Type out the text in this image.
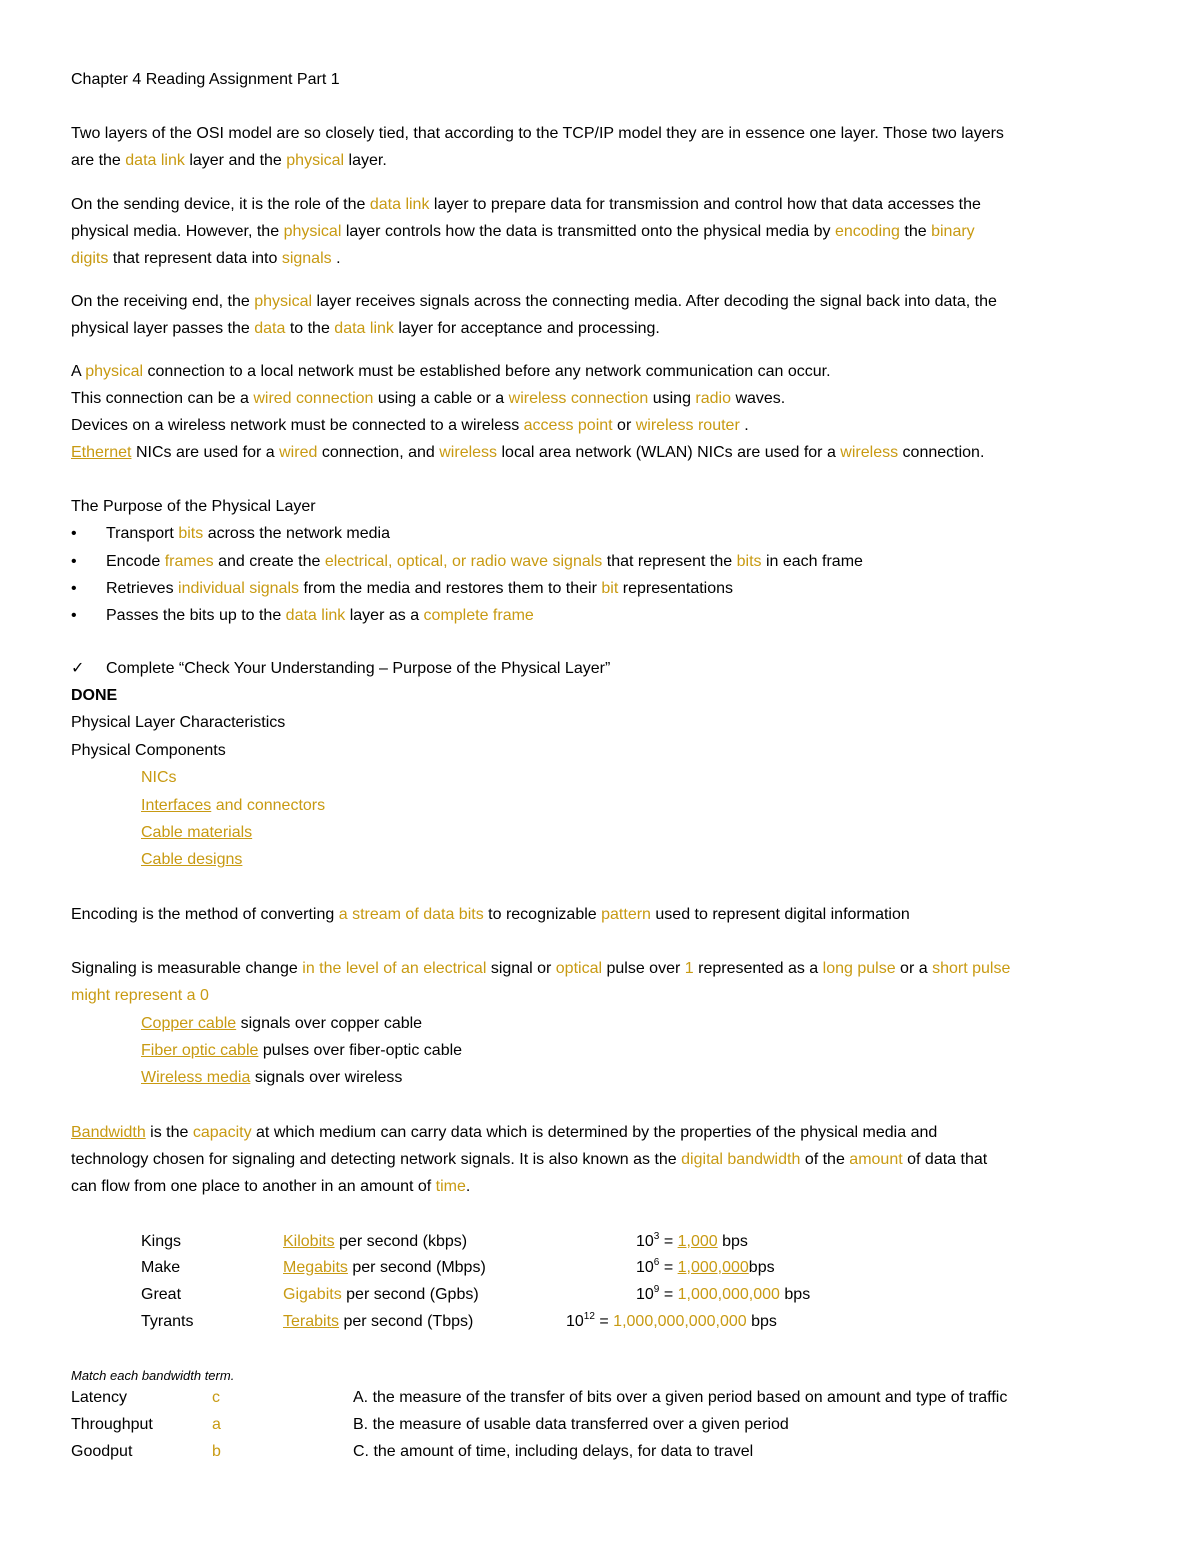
Chapter 4 Reading Assignment Part 1
Two layers of the OSI model are so closely tied, that according to the TCP/IP model they are in essence one layer. Those two layers
are the data link layer and the physical layer.
On the sending device, it is the role of the data link layer to prepare data for transmission and control how that data accesses the
physical media. However, the physical layer controls how the data is transmitted onto the physical media by encoding the binary
digits that represent data into signals .
On the receiving end, the physical layer receives signals across the connecting media. After decoding the signal back into data, the
physical layer passes the data to the data link layer for acceptance and processing.
A physical connection to a local network must be established before any network communication can occur.
This connection can be a wired connection using a cable or a wireless connection using radio waves.
Devices on a wireless network must be connected to a wireless access point or wireless router .
Ethernet NICs are used for a wired connection, and wireless local area network (WLAN) NICs are used for a wireless connection.
The Purpose of the Physical Layer
• Transport bits across the network media
• Encode frames and create the electrical, optical, or radio wave signals that represent the bits in each frame
• Retrieves individual signals from the media and restores them to their bit representations
• Passes the bits up to the data link layer as a complete frame
✓ Complete “Check Your Understanding – Purpose of the Physical Layer”
DONE
Physical Layer Characteristics
Physical Components
NICs
Interfaces and connectors
Cable materials
Cable designs
Encoding is the method of converting a stream of data bits to recognizable pattern used to represent digital information
Signaling is measurable change in the level of an electrical signal or optical pulse over 1 represented as a long pulse or a short pulse
might represent a 0
Copper cable signals over copper cable
Fiber optic cable pulses over fiber-optic cable
Wireless media signals over wireless
Bandwidth is the capacity at which medium can carry data which is determined by the properties of the physical media and
technology chosen for signaling and detecting network signals. It is also known as the digital bandwidth of the amount of data that
can flow from one place to another in an amount of time.
Kings	Kilobits per second (kbps)	$10^3 = 1,000$ bps
Make	Megabits per second (Mbps)	$10^6 = 1,000,000bps$
Great	Gigabits per second (Gpbs)	$10^9 = 1,000,000,000$ bps
Tyrants	Terabits per second (Tbps)	$10^{12} = 1,000,000,000,000$ bps
Match each bandwidth term.
Latency	c	A. the measure of the transfer of bits over a given period based on amount and type of traffic
Throughput	a	B. the measure of usable data transferred over a given period
Goodput	b	C. the amount of time, including delays, for data to travel
